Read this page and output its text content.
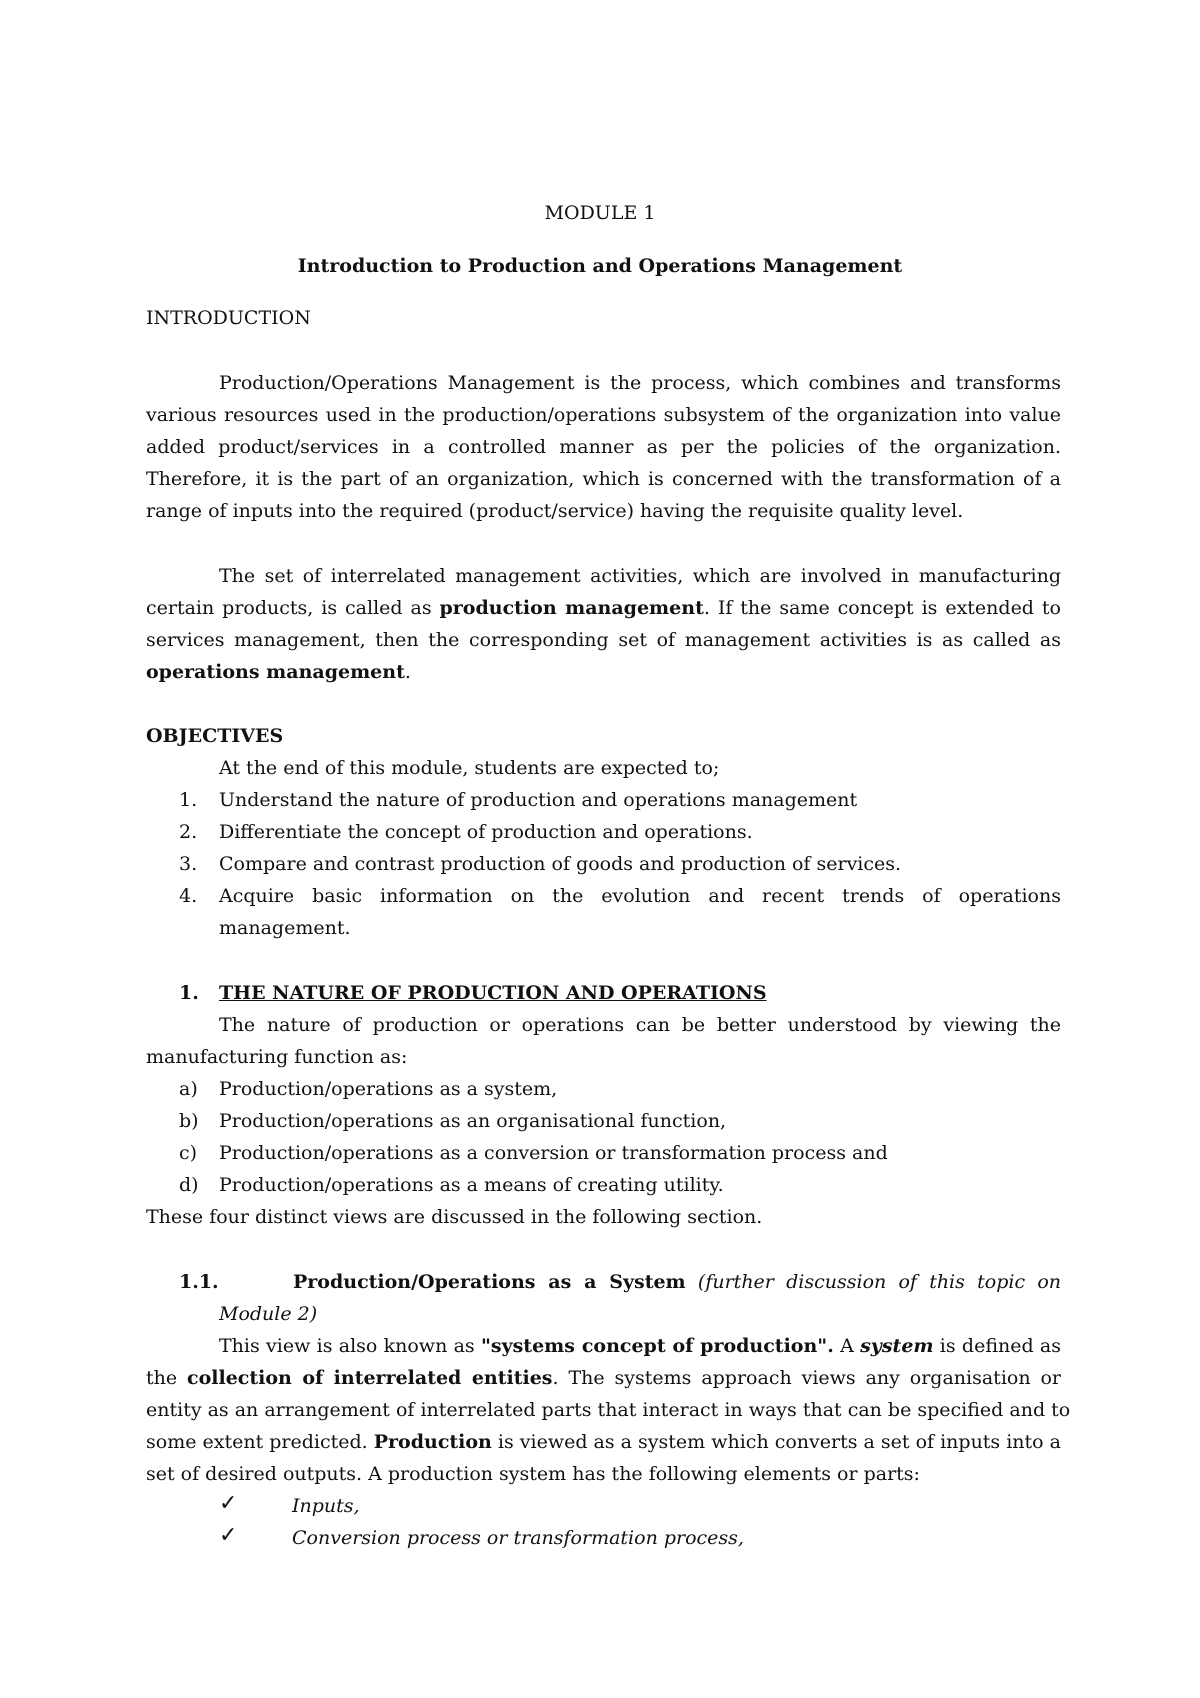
MODULE 1
Introduction to Production and Operations Management
INTRODUCTION
Production/Operations Management is the process, which combines and transforms
various resources used in the production/operations subsystem of the organization into value
added product/services in a controlled manner as per the policies of the organization.
Therefore, it is the part of an organization, which is concerned with the transformation of a
range of inputs into the required (product/service) having the requisite quality level.
The set of interrelated management activities, which are involved in manufacturing
certain products, is called as production management. If the same concept is extended to
services management, then the corresponding set of management activities is as called as
operations management.
OBJECTIVES
At the end of this module, students are expected to;
1. Understand the nature of production and operations management
2. Differentiate the concept of production and operations.
3. Compare and contrast production of goods and production of services.
4. Acquire basic information on the evolution and recent trends of operations
management.
1. THE NATURE OF PRODUCTION AND OPERATIONS
The nature of production or operations can be better understood by viewing the
manufacturing function as:
a) Production/operations as a system,
b) Production/operations as an organisational function,
c) Production/operations as a conversion or transformation process and
d) Production/operations as a means of creating utility.
These four distinct views are discussed in the following section.
1.1.	Production/Operations as a System (further discussion of this topic on
Module 2)
This view is also known as "systems concept of production". A system is defined as
the collection of interrelated entities. The systems approach views any organisation or
entity as an arrangement of interrelated parts that interact in ways that can be specified and to
some extent predicted. Production is viewed as a system which converts a set of inputs into a
set of desired outputs. A production system has the following elements or parts:
✓	Inputs,
✓	Conversion process or transformation process,
